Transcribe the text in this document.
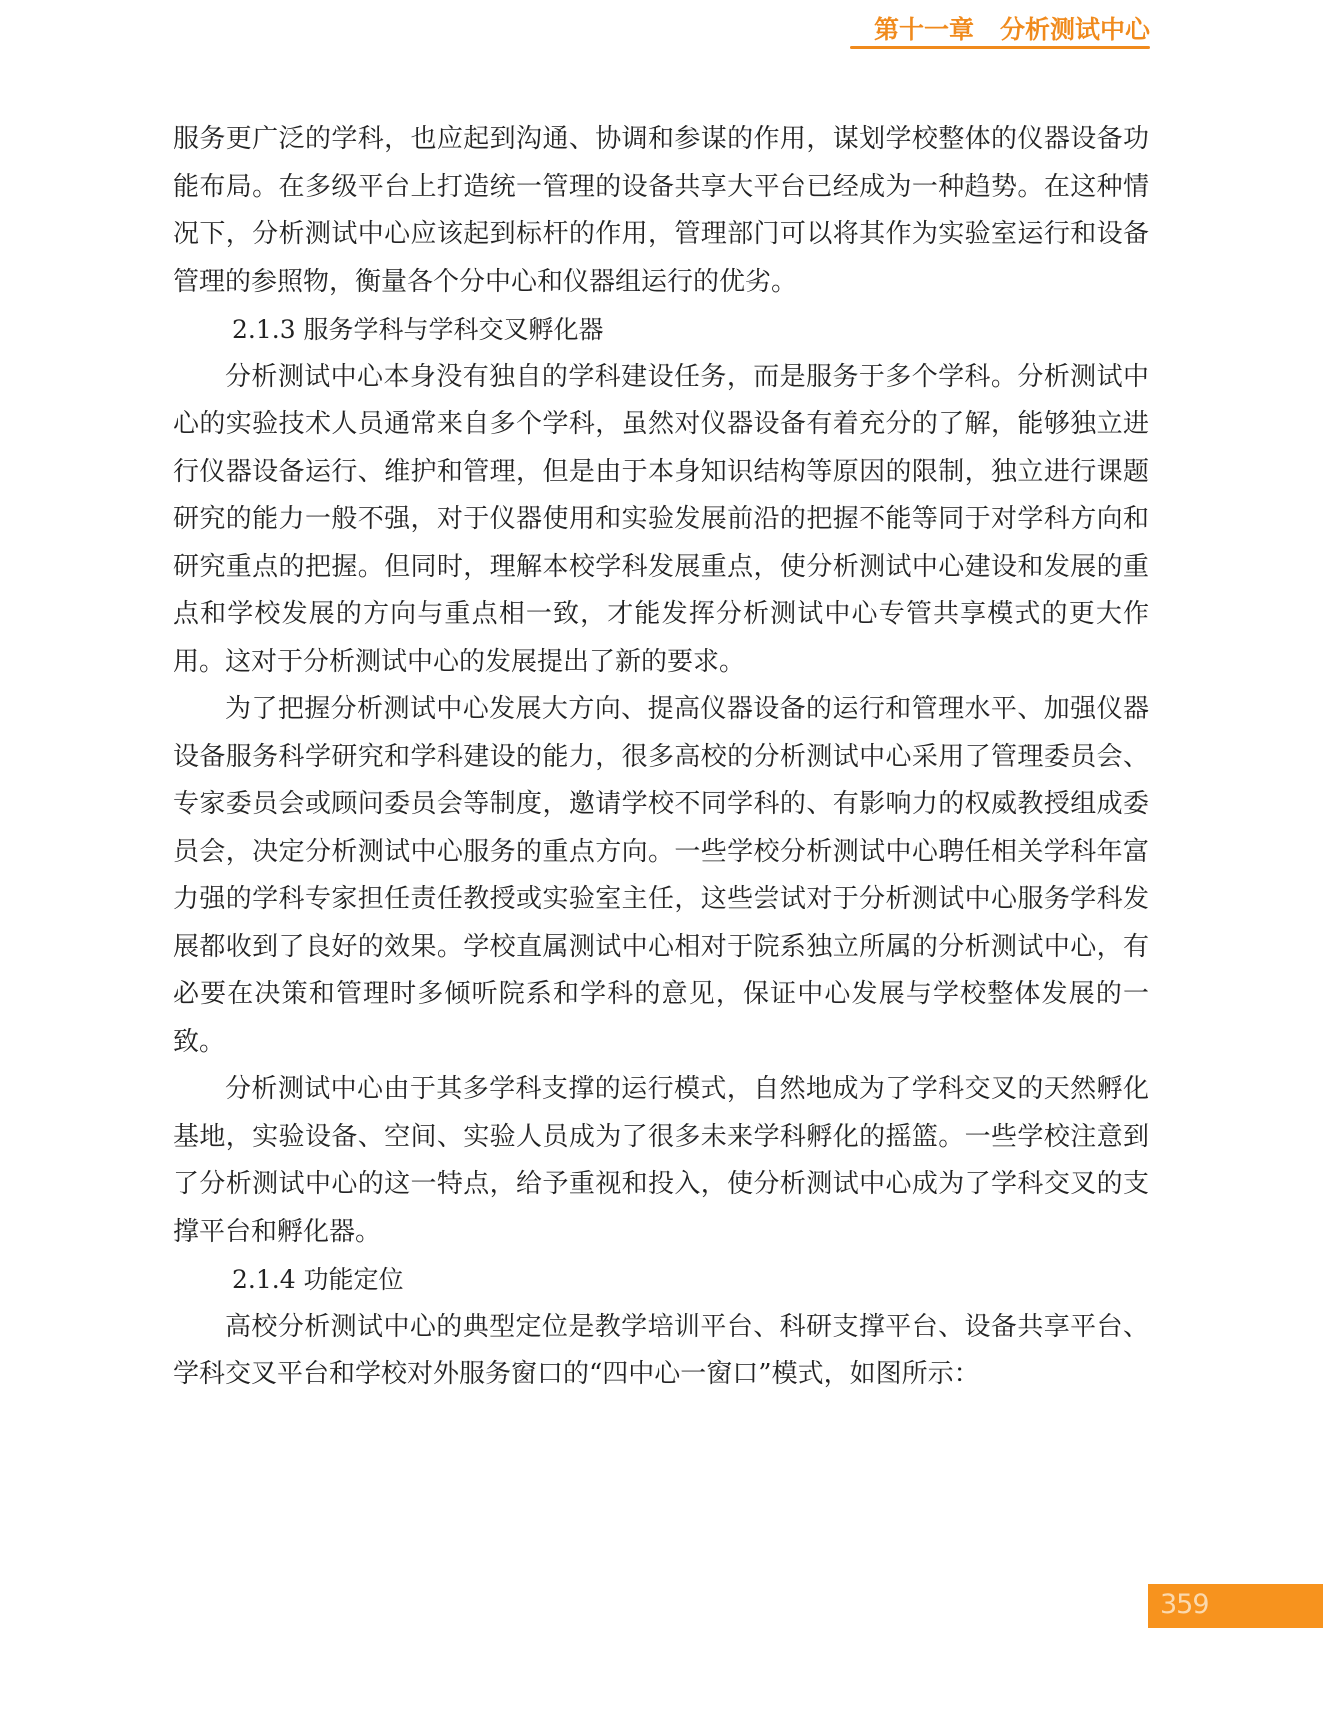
第十一章 分析测试中心

服务更广泛的学科，也应起到沟通、协调和参谋的作用，谋划学校整体的仪器设备功能布局。在多级平台上打造统一管理的设备共享大平台已经成为一种趋势。在这种情况下，分析测试中心应该起到标杆的作用，管理部门可以将其作为实验室运行和设备管理的参照物，衡量各个分中心和仪器组运行的优劣。

2.1.3 服务学科与学科交叉孵化器

分析测试中心本身没有独自的学科建设任务，而是服务于多个学科。分析测试中心的实验技术人员通常来自多个学科，虽然对仪器设备有着充分的了解，能够独立进行仪器设备运行、维护和管理，但是由于本身知识结构等原因的限制，独立进行课题研究的能力一般不强，对于仪器使用和实验发展前沿的把握不能等同于对学科方向和研究重点的把握。但同时，理解本校学科发展重点，使分析测试中心建设和发展的重点和学校发展的方向与重点相一致，才能发挥分析测试中心专管共享模式的更大作用。这对于分析测试中心的发展提出了新的要求。

为了把握分析测试中心发展大方向、提高仪器设备的运行和管理水平、加强仪器设备服务科学研究和学科建设的能力，很多高校的分析测试中心采用了管理委员会、专家委员会或顾问委员会等制度，邀请学校不同学科的、有影响力的权威教授组成委员会，决定分析测试中心服务的重点方向。一些学校分析测试中心聘任相关学科年富力强的学科专家担任责任教授或实验室主任，这些尝试对于分析测试中心服务学科发展都收到了良好的效果。学校直属测试中心相对于院系独立所属的分析测试中心，有必要在决策和管理时多倾听院系和学科的意见，保证中心发展与学校整体发展的一致。

分析测试中心由于其多学科支撑的运行模式，自然地成为了学科交叉的天然孵化基地，实验设备、空间、实验人员成为了很多未来学科孵化的摇篮。一些学校注意到了分析测试中心的这一特点，给予重视和投入，使分析测试中心成为了学科交叉的支撑平台和孵化器。

2.1.4 功能定位

高校分析测试中心的典型定位是教学培训平台、科研支撑平台、设备共享平台、学科交叉平台和学校对外服务窗口的“四中心一窗口”模式，如图所示：

359
